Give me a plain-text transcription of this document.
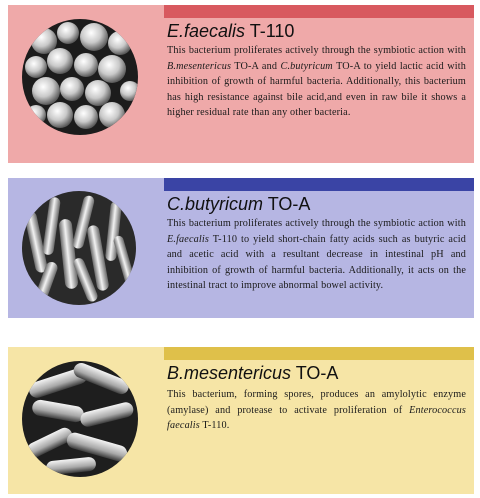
E.faecalis T-110
This bacterium proliferates actively through the symbiotic action with B.mesentericus TO-A and C.butyricum TO-A to yield lactic acid with inhibition of growth of harmful bacteria. Additionally, this bacterium has high resistance against bile acid,and even in raw bile it shows a higher residual rate than any other bacteria.
C.butyricum TO-A
This bacterium proliferates actively through the symbiotic action with E.faecalis T-110 to yield short-chain fatty acids such as butyric acid and acetic acid with a resultant decrease in intestinal pH and inhibition of growth of harmful bacteria. Additionally, it acts on the intestinal tract to improve abnormal bowel activity.
B.mesentericus TO-A
This bacterium, forming spores, produces an amylolytic enzyme (amylase) and protease to activate proliferation of Enterococcus faecalis T-110.
